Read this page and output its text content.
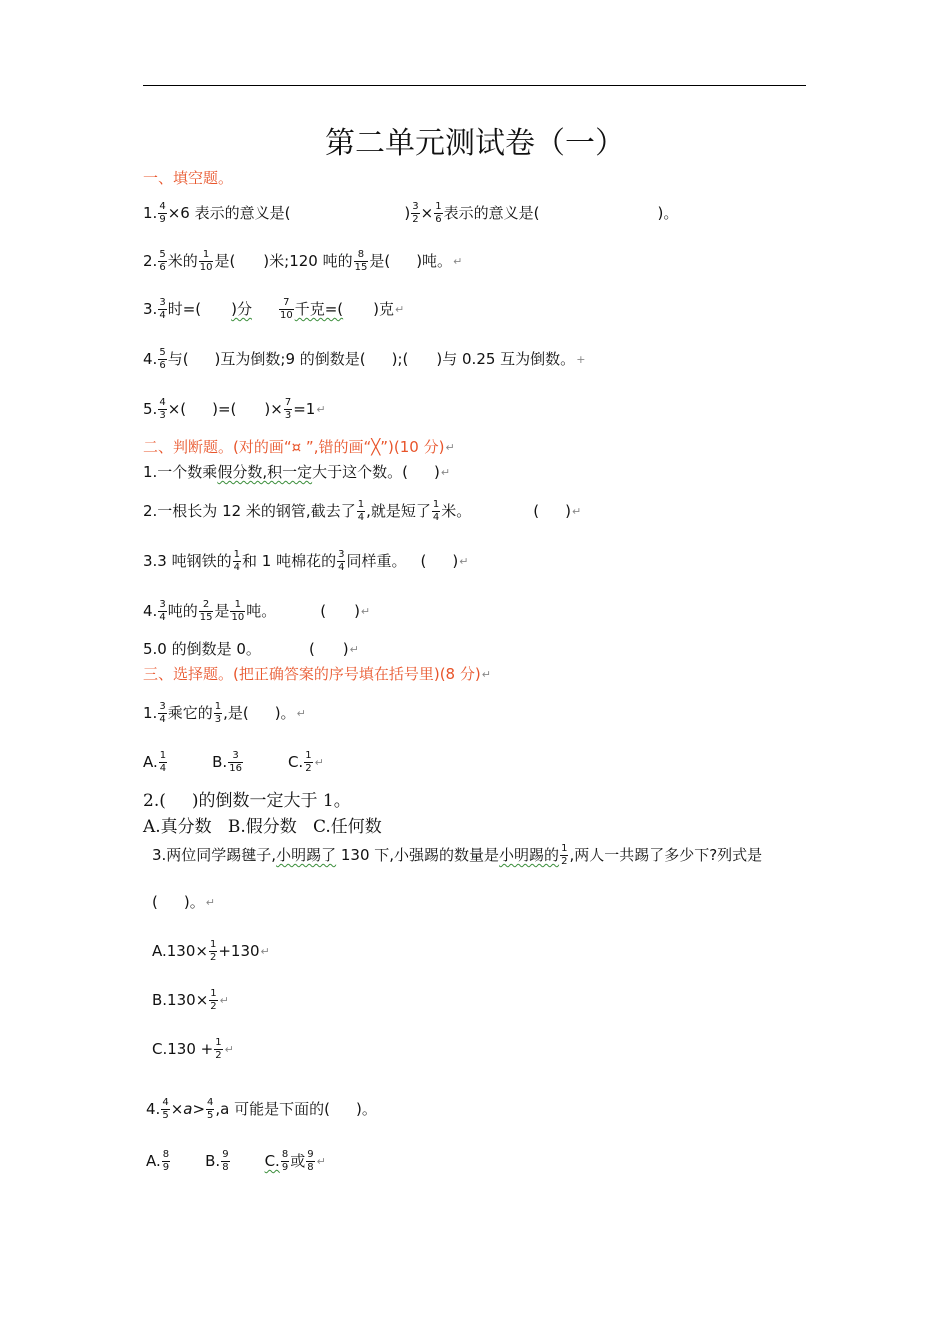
第二单元测试卷（一）
一、填空题。
1. $\frac{4}{9} \times 6$ 表示的意义是(	) $\frac{3}{2} \times \frac{1}{6}$ 表示的意义是(	)。
2. $\frac{5}{6}$ 米的 $\frac{1}{10}$ 是( )米;120 吨的 $\frac{8}{15}$ 是( )吨。 ↵
3. $\frac{3}{4}$ 时=( )分	$\frac{7}{10}$ 千克=( )克 ↵
4. $\frac{5}{6}$ 与( )互为倒数;9 的倒数是( );( )与 0.25 互为倒数。 +
5. $\frac{4}{3}$ ×( )=( )× $\frac{7}{3} =1$ ↵
二、判断题。(对的画“¤ ”,错的画“╳”)(10 分) ↵
1.一个数乘 假分数,积一定 大于这个数。( ) ↵
2.一根长为 12 米的钢管,截去了 $\frac{1}{4}$ ,就是短了 $\frac{1}{4}$ 米。	( ) ↵
3.3 吨钢铁的 $\frac{1}{4}$ 和 1 吨棉花的 $\frac{3}{4}$ 同样重。 ( ) ↵
4. $\frac{3}{4}$ 吨的 $\frac{2}{15}$ 是 $\frac{1}{10}$ 吨。	( ) ↵
5.0 的倒数是 0。	( ) ↵
三、选择题。(把正确答案的序号填在括号里)(8 分) ↵
1. $\frac{3}{4}$ 乘它的 $\frac{1}{3}$ ,是( )。 ↵
A. $\frac{1}{4}$	B. $\frac{3}{16}$	C. $\frac{1}{2}$ ↵
2.( )的倒数一定大于 1。
A.真分数   B.假分数   C.任何数
3.两位同学踢毽子, 小明踢了 130 下,小强踢的数量是 小明踢的 $\frac{1}{2}$ ,两人一共踢了多少下?列式是
( )。 ↵
$A.130\times \frac{1}{2} +130$ ↵
$B.130\times \frac{1}{2}$ ↵
$C.130 + \frac{1}{2}$ ↵
4. $\frac{4}{5} \times a> \frac{4}{5} ,a$ 可能是下面的( )。
A. $\frac{8}{9} B$. $\frac{9}{8} C$. $\frac{8}{9}$ 或 $\frac{9}{8}$ ↵
